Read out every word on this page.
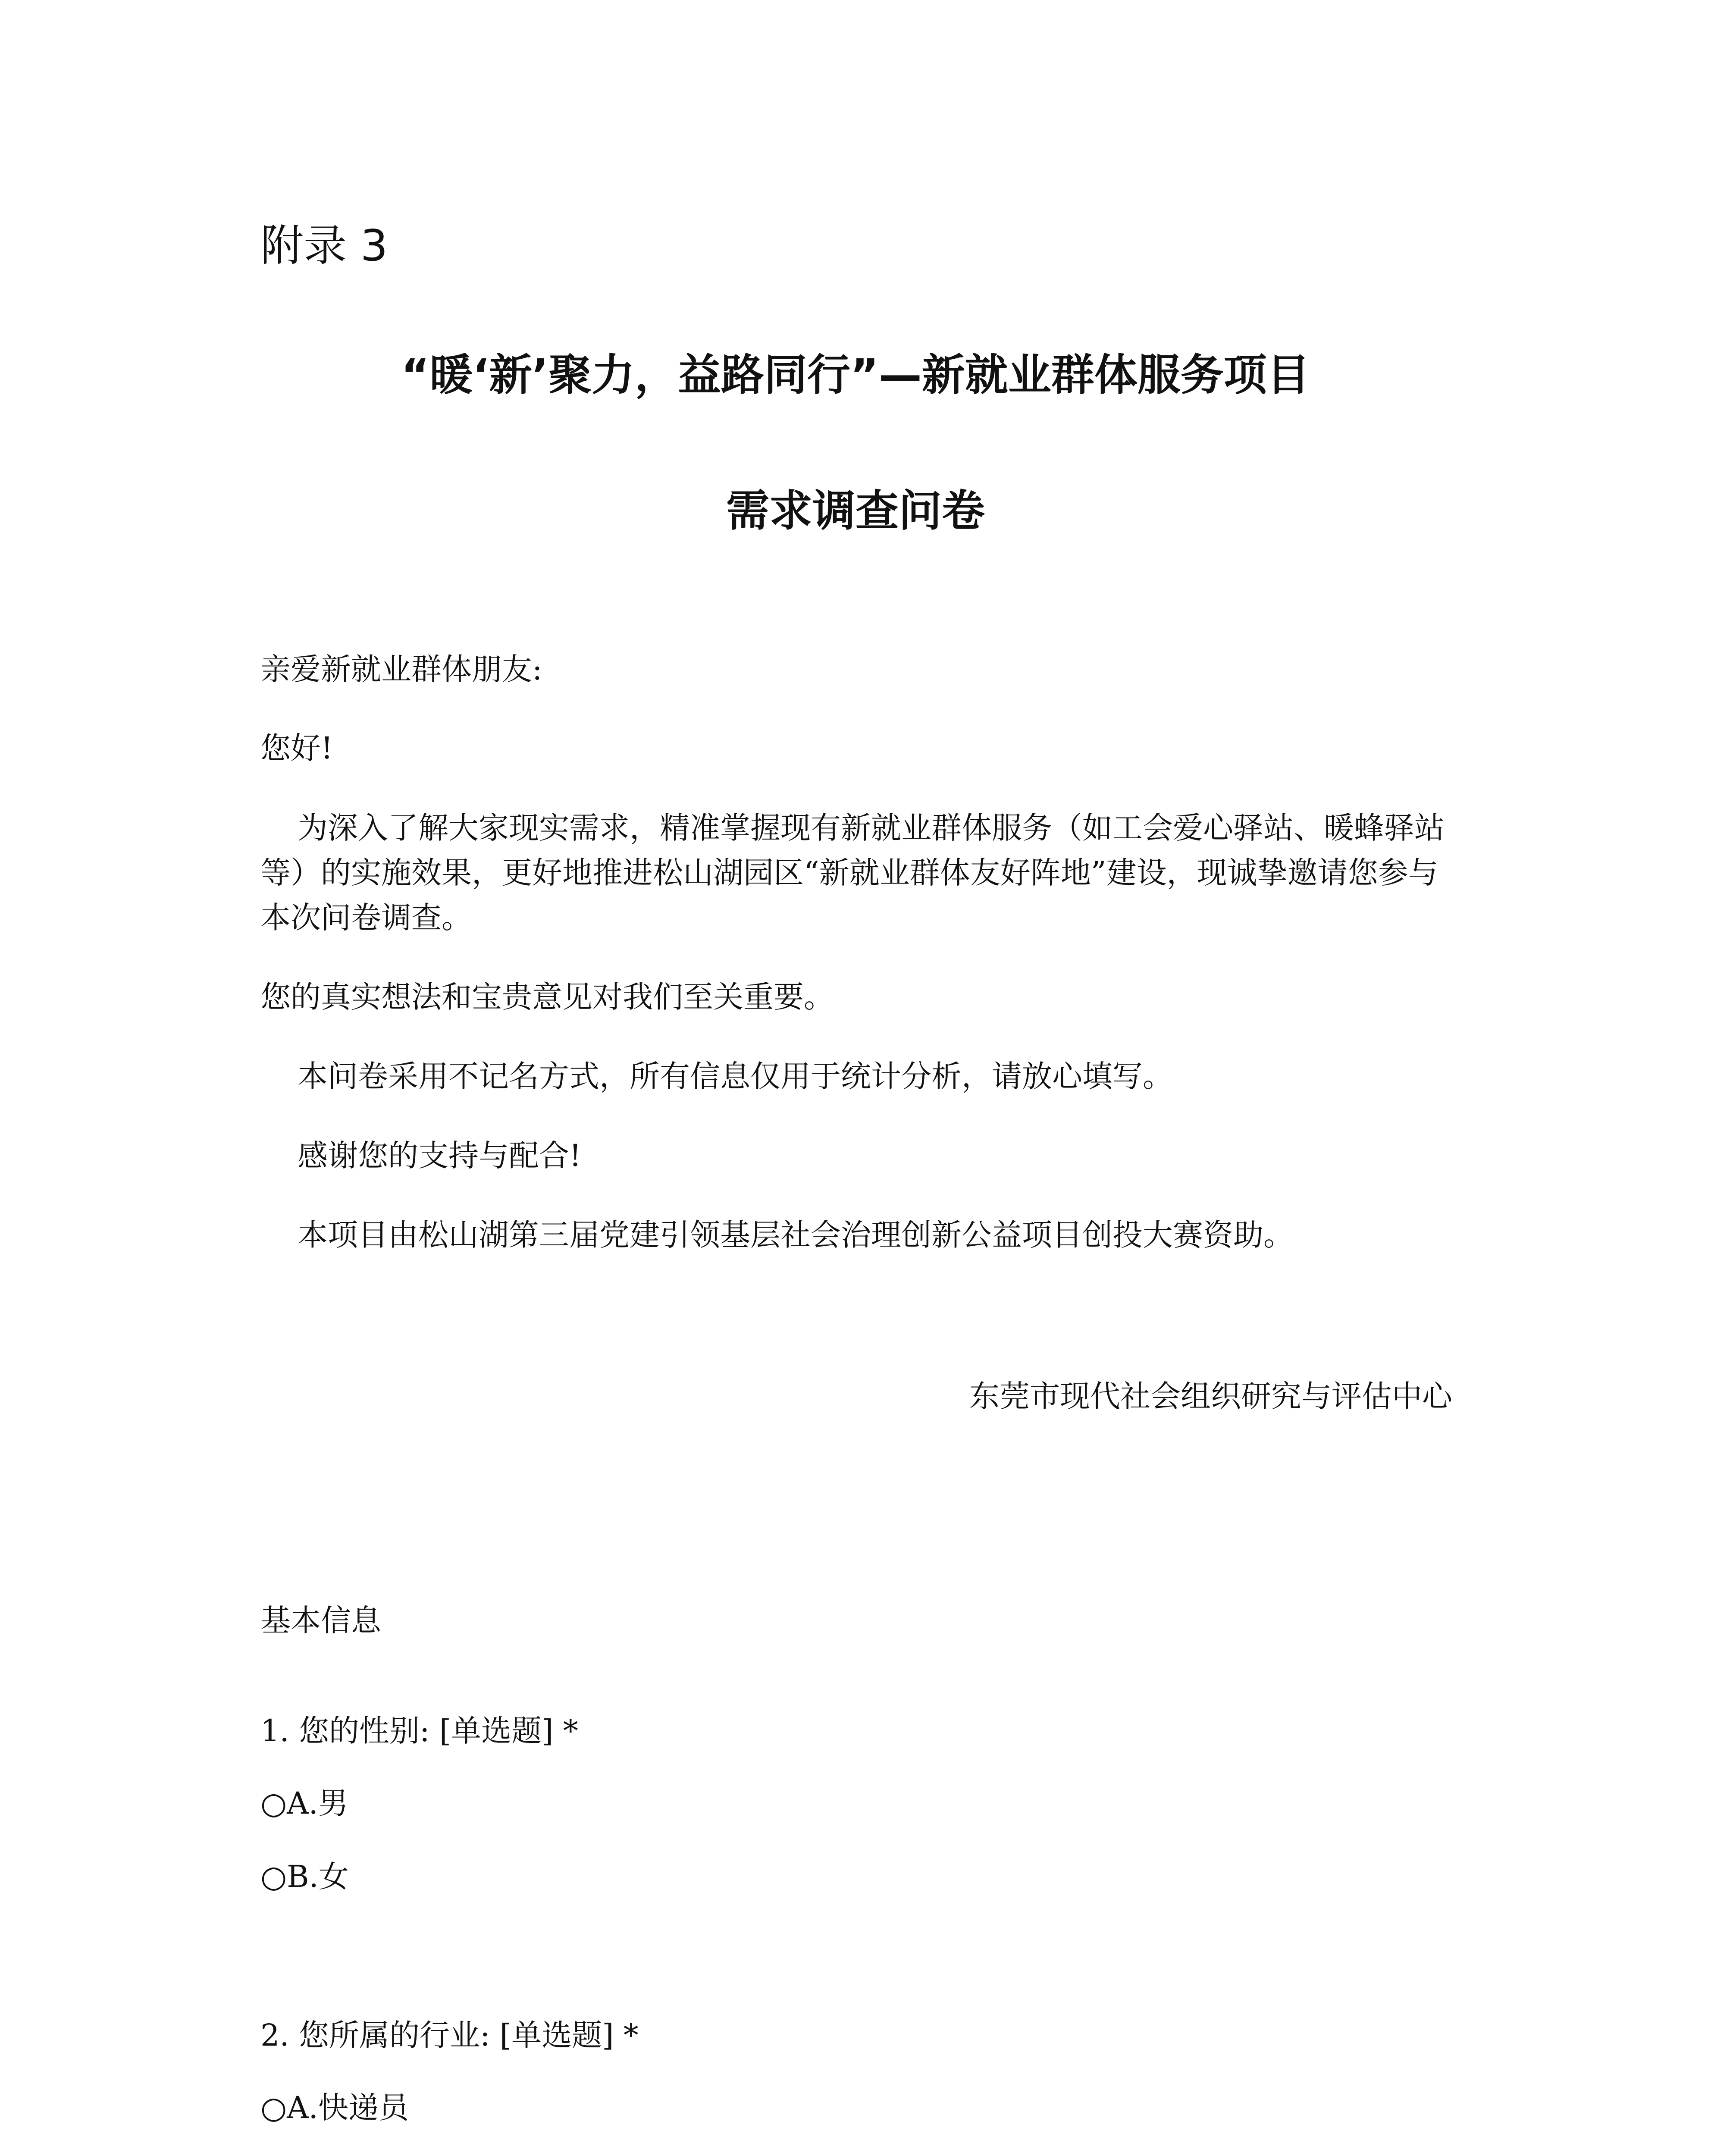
附录 3
“暖‘新’聚力，益路同行”—新就业群体服务项目
需求调查问卷
亲爱新就业群体朋友:
您好!
为深入了解大家现实需求，精准掌握现有新就业群体服务（如工会爱心驿站、暖蜂驿站等）的实施效果，更好地推进松山湖园区“新就业群体友好阵地”建设，现诚挚邀请您参与本次问卷调查。
您的真实想法和宝贵意见对我们至关重要。
本问卷采用不记名方式，所有信息仅用于统计分析，请放心填写。
感谢您的支持与配合!
本项目由松山湖第三届党建引领基层社会治理创新公益项目创投大赛资助。
东莞市现代社会组织研究与评估中心
基本信息
1. 您的性别: [单选题] *
○A.男
○B.女
2. 您所属的行业: [单选题] *
○A.快递员
